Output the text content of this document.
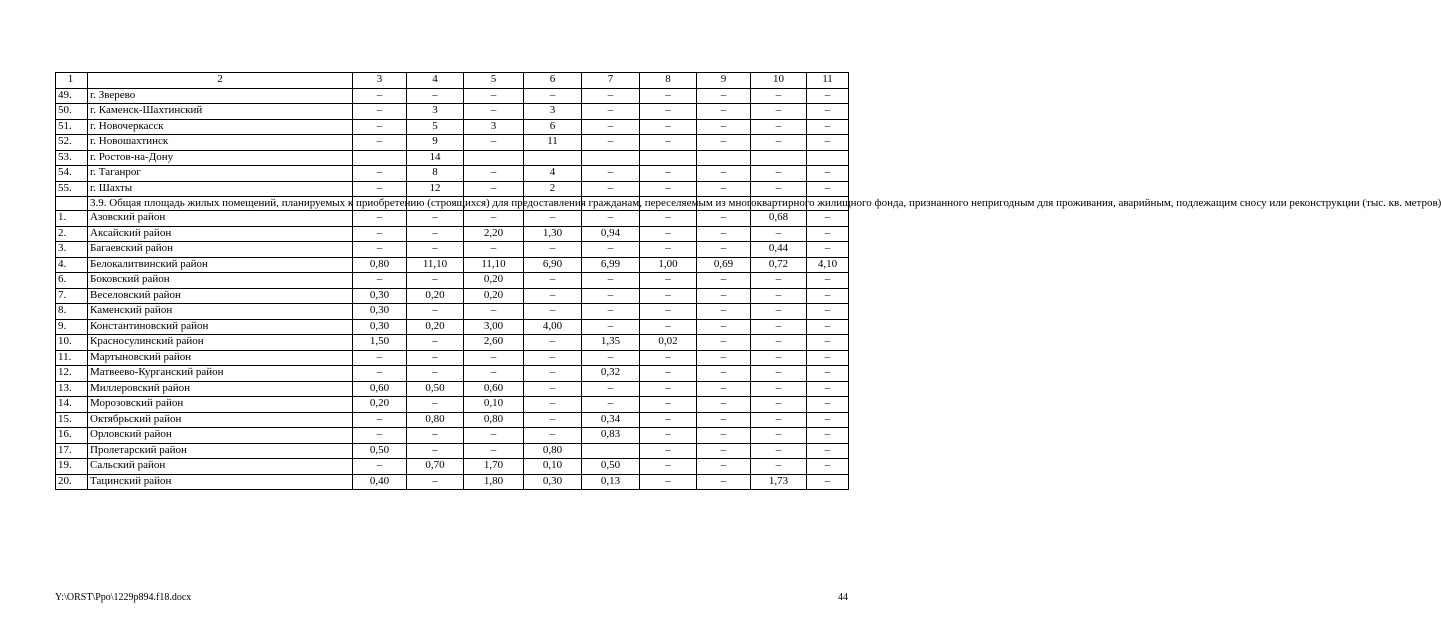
1	2	3	4	5	6	7	8	9	10	11
49.	г. Зверево	–	–	–	–	–	–	–	–	–
50.	г. Каменск-Шахтинский	–	3	–	3	–	–	–	–	–
51.	г. Новочеркасск	–	5	3	6	–	–	–	–	–
52.	г. Новошахтинск	–	9	–	11	–	–	–	–	–
53.	г. Ростов-на-Дону		14							
54.	г. Таганрог	–	8	–	4	–	–	–	–	–
55.	г. Шахты	–	12	–	2	–	–	–	–	–
	3.9. Общая площадь жилых помещений, планируемых к приобретению (строящихся) для предоставления гражданам, переселяемым из многоквартирного жилищного фонда, признанного непригодным для проживания, аварийным, подлежащим сносу или реконструкции (тыс. кв. метров)									
1.	Азовский район	–	–	–	–	–	–	–	0,68	–
2.	Аксайский район	–	–	2,20	1,30	0,94	–	–	–	–
3.	Багаевский район	–	–	–	–	–	–	–	0,44	–
4.	Белокалитвинский район	0,80	11,10	11,10	6,90	6,99	1,00	0,69	0,72	4,10
6.	Боковский район	–	–	0,20	–	–	–	–	–	–
7.	Веселовский район	0,30	0,20	0,20	–	–	–	–	–	–
8.	Каменский район	0,30	–	–	–	–	–	–	–	–
9.	Константиновский район	0,30	0,20	3,00	4,00	–	–	–	–	–
10.	Красносулинский район	1,50	–	2,60	–	1,35	0,02	–	–	–
11.	Мартыновский район	–	–	–	–	–	–	–	–	–
12.	Матвеево-Курганский район	–	–	–	–	0,32	–	–	–	–
13.	Миллеровский район	0,60	0,50	0,60	–	–	–	–	–	–
14.	Морозовский район	0,20	–	0,10	–	–	–	–	–	–
15.	Октябрьский район	–	0,80	0,80	–	0,34	–	–	–	–
16.	Орловский район	–	–	–	–	0,83	–	–	–	–
17.	Пролетарский район	0,50	–	–	0,80		–	–	–	–
19.	Сальский район	–	0,70	1,70	0,10	0,50	–	–	–	–
20.	Тацинский район	0,40	–	1,80	0,30	0,13	–	–	1,73	–
Y:\ORST\Ppo\1229p894.f18.docx	44
